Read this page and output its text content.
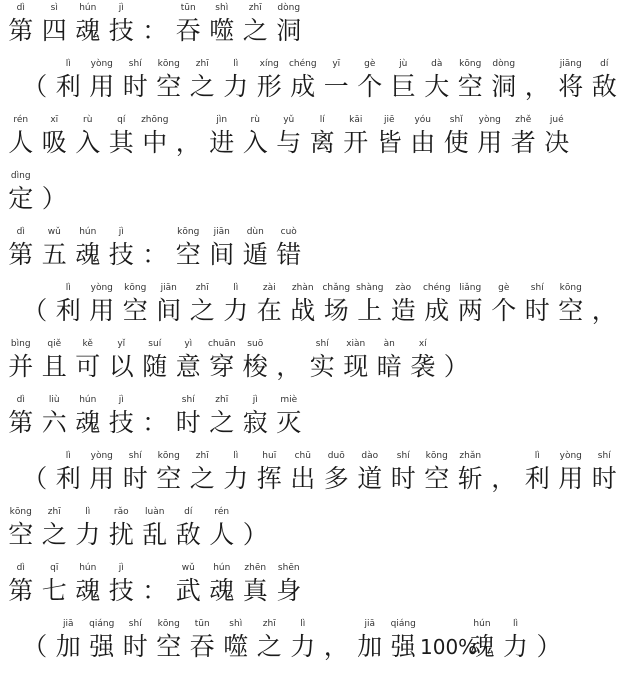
dì
第
sì
四
hún
魂
jì
技 ：
tūn
吞
shì
噬
zhī
之
dòng
洞
（
lì
利
yòng
用
shí
时
kōng
空
zhī
之
lì
力
xíng
形
chéng
成
yī
一
gè
个
jù
巨
dà
大
kōng
空
dòng
洞 ，
jiāng
将
dí
敌
rén
人
xī
吸
rù
入
qí
其
zhōng
中 ，
jìn
进
rù
入
yǔ
与
lí
离
kāi
开
jiē
皆
yóu
由
shǐ
使
yòng
用
zhě
者
jué
决
dìng
定 ）
dì
第
wǔ
五
hún
魂
jì
技 ：
kōng
空
jiān
间
dùn
遁
cuò
错
（
lì
利
yòng
用
kōng
空
jiān
间
zhī
之
lì
力
zài
在
zhàn
战
chǎng
场
shàng
上
zào
造
chéng
成
liǎng
两
gè
个
shí
时
kōng
空 ，
bìng
并
qiě
且
kě
可
yǐ
以
suí
随
yì
意
chuān
穿
suō
梭 ，
shí
实
xiàn
现
àn
暗
xí
袭 ）
dì
第
liù
六
hún
魂
jì
技 ：
shí
时
zhī
之
jì
寂
miè
灭
（
lì
利
yòng
用
shí
时
kōng
空
zhī
之
lì
力
huī
挥
chū
出
duō
多
dào
道
shí
时
kōng
空
zhǎn
斩 ，
lì
利
yòng
用
shí
时
kōng
空
zhī
之
lì
力
rǎo
扰
luàn
乱
dí
敌
rén
人 ）
dì
第
qī
七
hún
魂
jì
技 ：
wǔ
武
hún
魂
zhēn
真
shēn
身
（
jiā
加
qiáng
强
shí
时
kōng
空
tūn
吞
shì
噬
zhī
之
lì
力 ，
jiā
加
qiáng
强 100%
hún
魂
lì
力 ）
